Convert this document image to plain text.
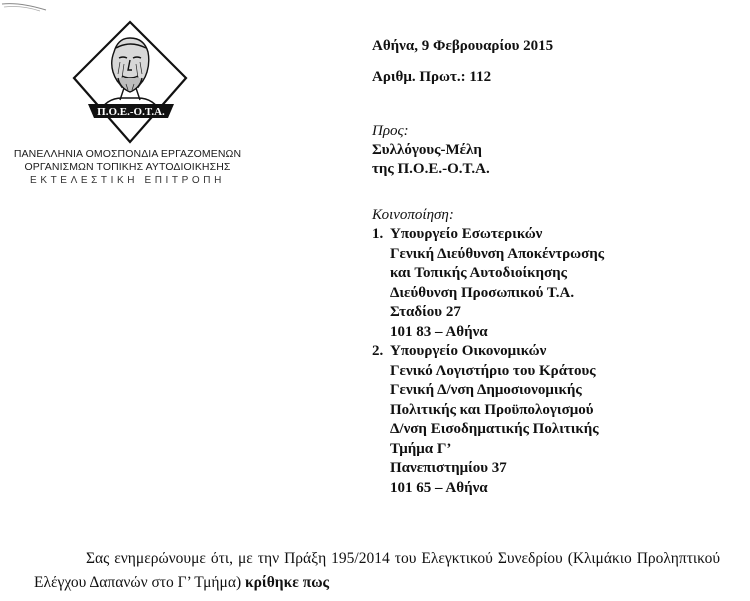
Π.Ο.Ε.-Ο.Τ.Α.
ΠΑΝΕΛΛΗΝΙΑ ΟΜΟΣΠΟΝΔΙΑ ΕΡΓΑΖΟΜΕΝΩΝ
ΟΡΓΑΝΙΣΜΩΝ ΤΟΠΙΚΗΣ ΑΥΤΟΔΙΟΙΚΗΣΗΣ
ΕΚΤΕΛΕΣΤΙΚΗ ΕΠΙΤΡΟΠΗ
Αθήνα, 9 Φεβρουαρίου 2015
Αριθμ. Πρωτ.: 112
Προς:
Συλλόγους-Μέλη
της Π.Ο.Ε.-Ο.Τ.Α.
Κοινοποίηση:
1. Υπουργείο Εσωτερικών
Γενική Διεύθυνση Αποκέντρωσης
και Τοπικής Αυτοδιοίκησης
Διεύθυνση Προσωπικού Τ.Α.
Σταδίου 27
101 83 – Αθήνα
2. Υπουργείο Οικονομικών
Γενικό Λογιστήριο του Κράτους
Γενική Δ/νση Δημοσιονομικής
Πολιτικής και Προϋπολογισμού
Δ/νση Εισοδηματικής Πολιτικής
Τμήμα Γ’
Πανεπιστημίου 37
101 65 – Αθήνα
Σας ενημερώνουμε ότι, με την Πράξη 195/2014 του Ελεγκτικού Συνεδρίου (Κλιμάκιο Προληπτικού Ελέγχου Δαπανών στο Γ’ Τμήμα) κρίθηκε πως
